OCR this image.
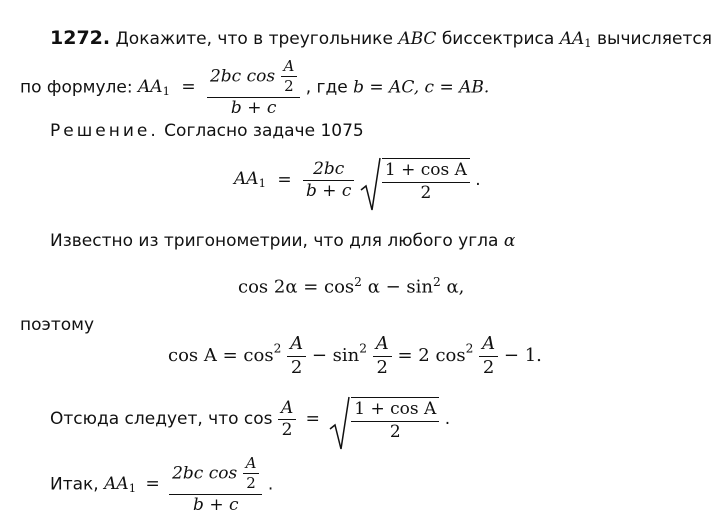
1272. Докажите, что в треугольнике ABC биссектриса $AA_1$ вычисляется
по формуле: $AA_1 = \frac{2bc \cos \frac{A}{2}}{b + c}$ , где b = AC, c = AB.
Решение. Согласно задаче 1075
$AA_1 = \frac{2bc}{b + c}$
$\frac{\text{1 + cos A}}{2}$ .
Известно из тригонометрии, что для любого угла α
$\cos 2\alpha = \cos^2 \alpha - \sin^2 \alpha$,
поэтому
$\cos A = \cos^2 \frac{A}{2} - \sin^2 \frac{A}{2} = 2$ $\cos^2 \frac{A}{2} - 1$.
Отсюда следует, что $\cos \frac{A}{2} = \frac{\text{1 + cos A}}{2}$ .
Итак, $AA_1 = \frac{2bc \cos \frac{A}{2}}{b + c}$ .
